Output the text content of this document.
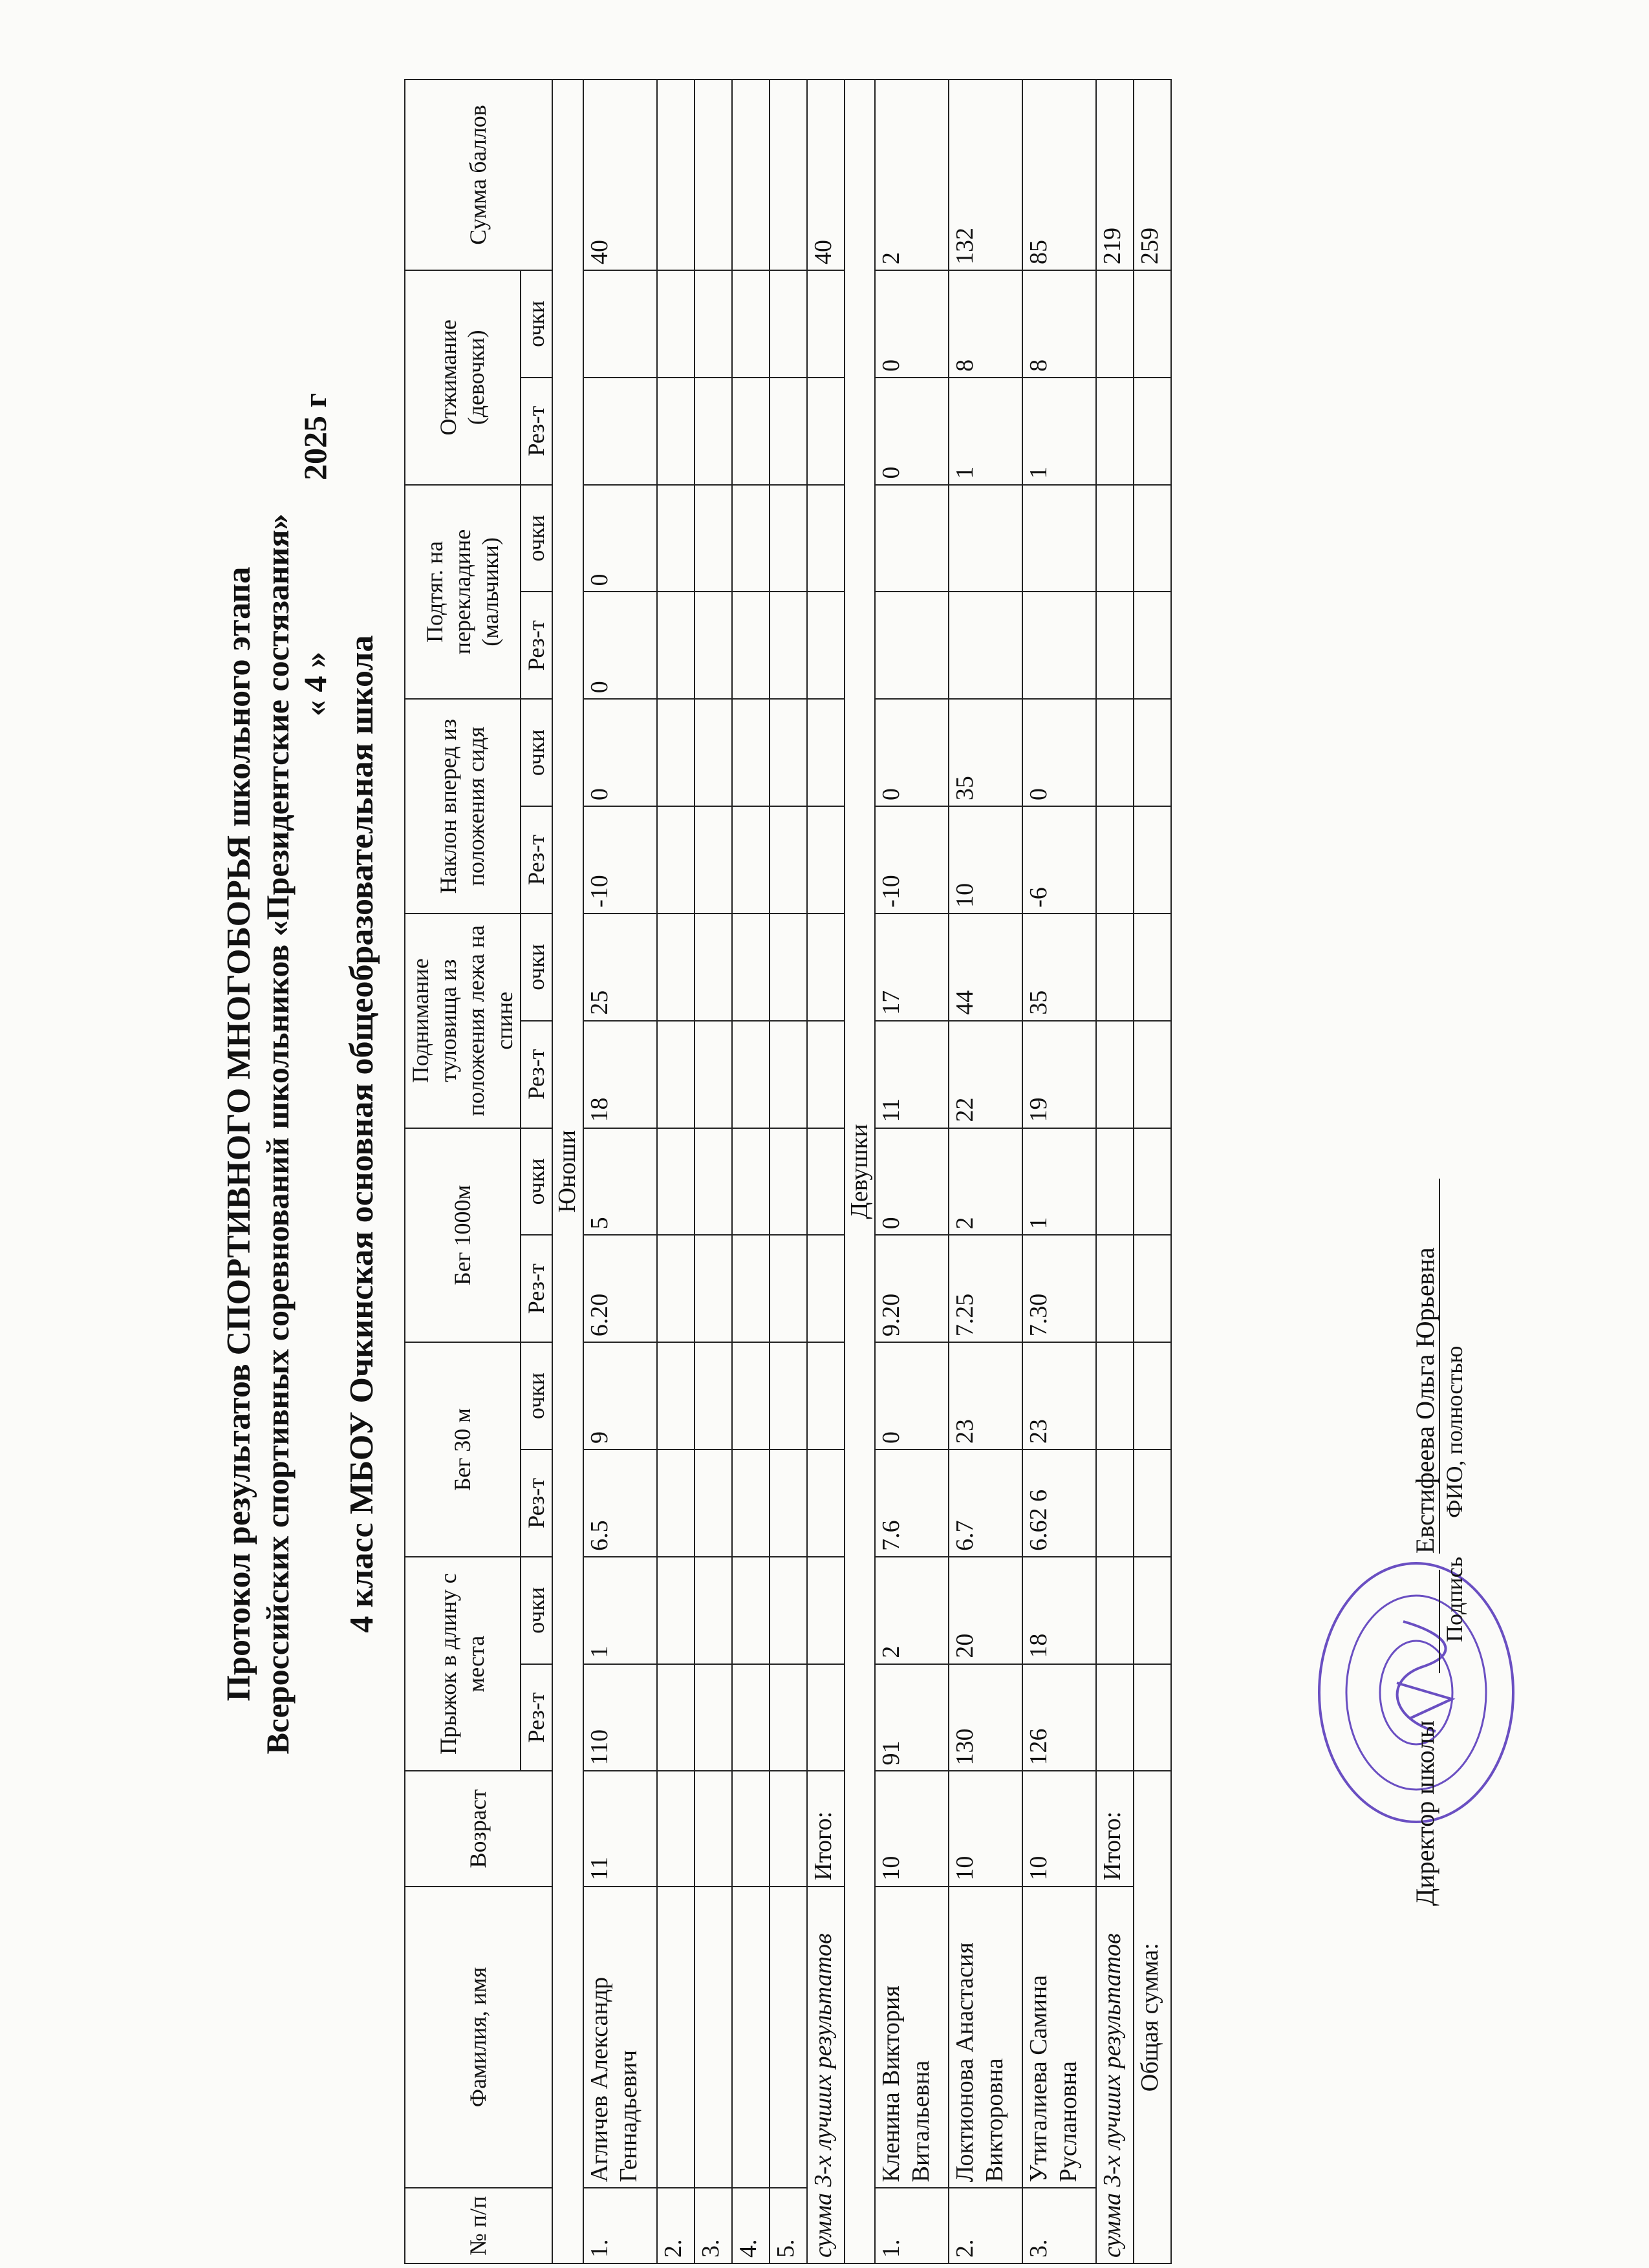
Протокол результатов СПОРТИВНОГО МНОГОБОРЬЯ школьного этапа Всероссийских спортивных соревнований школьников «Президентские состязания» « 4 »  2025 г
4 класс МБОУ Очкинская основная общеобразовательная школа
№ п/п	Фамилия, имя	Возраст	Прыжок в длину с места		Бег 30 м		Бег 1000м		Поднимание туловища из положения лежа на спине		Наклон вперед из положения сидя		Подтяг. на перекладине (мальчики)		Отжимание (девочки)		Сумма баллов
			Рез-т	очки	Рез-т	очки	Рез-т	очки	Рез-т	очки	Рез-т	очки	Рез-т	очки	Рез-т	очки	
Юноши																	
1.	Агличев Александр Геннадьевич	11	110	1	6.5	9	6.20	5	18	25	-10	0	0	0			40
2.																	
3.																	
4.																	
5.																	
сумма 3-х лучших результатов		Итого:															40
Девушки																	
1.	Кленина Виктория Витальевна	10	91	2	7.6	0	9.20	0	11	17	-10	0			0	0	2
2.	Локтионова Анастасия Викторовна	10	130	20	6.7	23	7.25	2	22	44	10	35			1	8	132
3.	Утигалиева Самина Руслановна	10	126	18	6.62 6	23	7.30	1	19	35	-6	0			1	8	85
сумма 3-х лучших результатов		Итого:															219
Общая сумма:																	259
Директор школы
Подпись
Евстифеева Ольга Юрьевна ФИО, полностью
